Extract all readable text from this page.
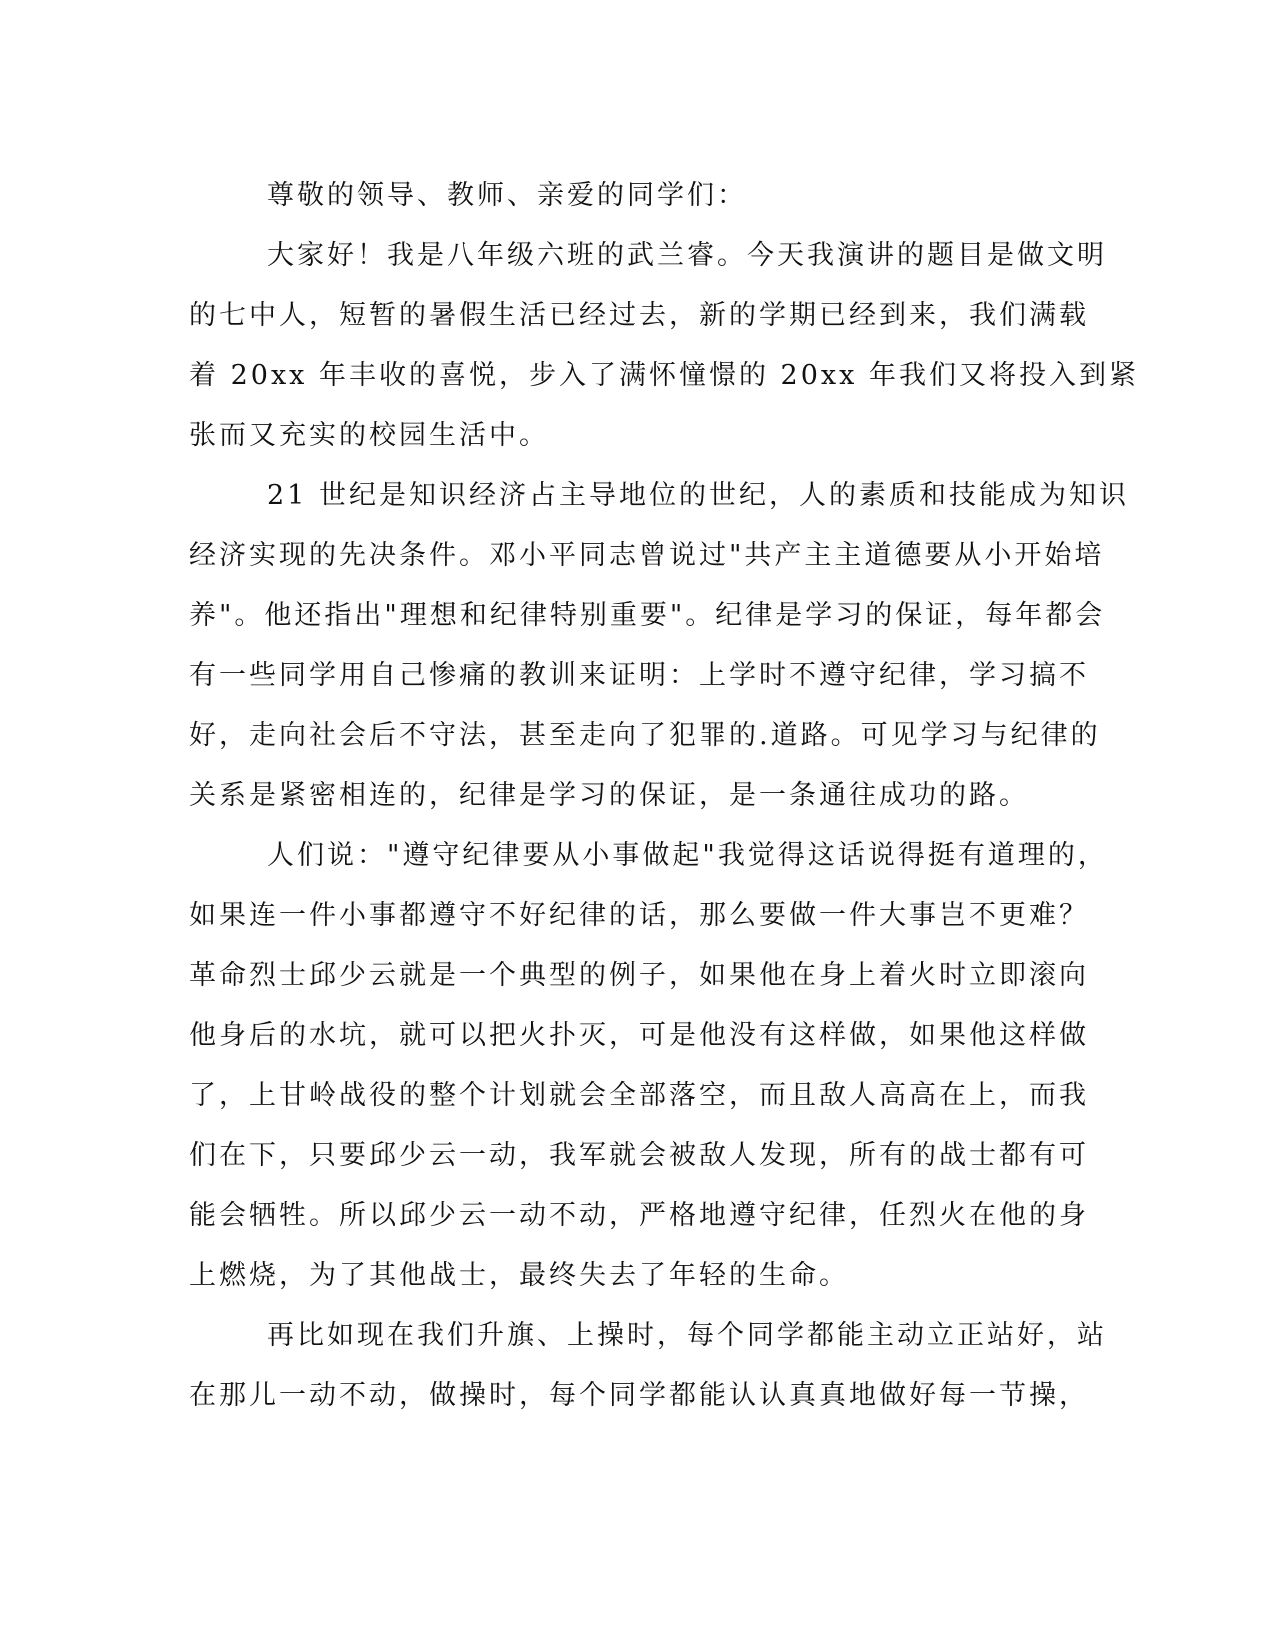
尊敬的领导、教师、亲爱的同学们：
大家好！我是八年级六班的武兰睿。今天我演讲的题目是做文明
的七中人，短暂的暑假生活已经过去，新的学期已经到来，我们满载
着 20xx 年丰收的喜悦，步入了满怀憧憬的 20xx 年我们又将投入到紧
张而又充实的校园生活中。
21 世纪是知识经济占主导地位的世纪，人的素质和技能成为知识
经济实现的先决条件。邓小平同志曾说过"共产主主道德要从小开始培
养"。他还指出"理想和纪律特别重要"。纪律是学习的保证，每年都会
有一些同学用自己惨痛的教训来证明：上学时不遵守纪律，学习搞不
好，走向社会后不守法，甚至走向了犯罪的.道路。可见学习与纪律的
关系是紧密相连的，纪律是学习的保证，是一条通往成功的路。
人们说："遵守纪律要从小事做起"我觉得这话说得挺有道理的，
如果连一件小事都遵守不好纪律的话，那么要做一件大事岂不更难？
革命烈士邱少云就是一个典型的例子，如果他在身上着火时立即滚向
他身后的水坑，就可以把火扑灭，可是他没有这样做，如果他这样做
了，上甘岭战役的整个计划就会全部落空，而且敌人高高在上，而我
们在下，只要邱少云一动，我军就会被敌人发现，所有的战士都有可
能会牺牲。所以邱少云一动不动，严格地遵守纪律，任烈火在他的身
上燃烧，为了其他战士，最终失去了年轻的生命。
再比如现在我们升旗、上操时，每个同学都能主动立正站好，站
在那儿一动不动，做操时，每个同学都能认认真真地做好每一节操，
